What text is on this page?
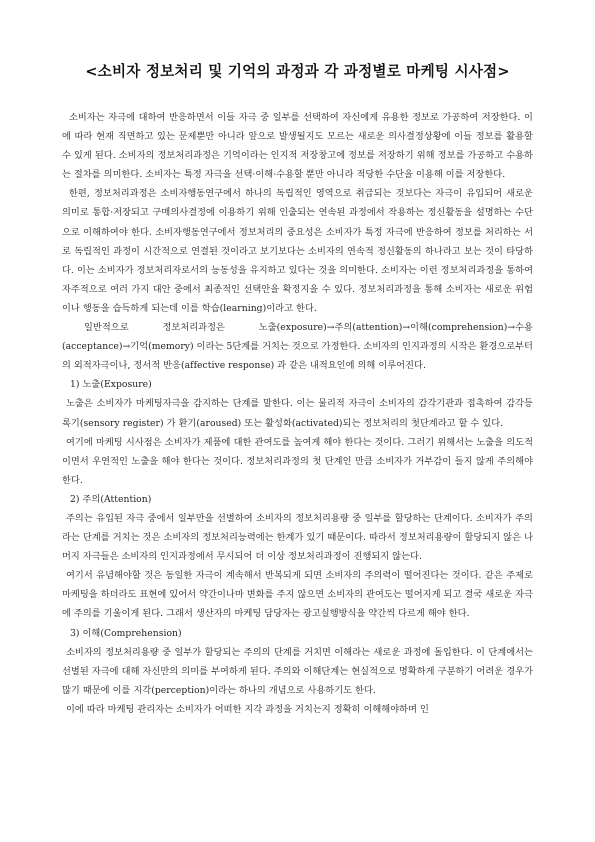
<소비자 정보처리 및 기억의 과정과 각 과정별로 마케팅 시사점>

소비자는 자극에 대하여 반응하면서 이들 자극 중 일부를 선택하여 자신에게 유용한 정보로 가공하여 저장한다. 이에 따라 현재 직면하고 있는 문제뿐만 아니라 앞으로 발생될지도 모르는 새로운 의사결정상황에 이들 정보를 활용할 수 있게 된다. 소비자의 정보처리과정은 기억이라는 인지적 저장창고에 정보를 저장하기 위해 정보를 가공하고 수용하는 절차를 의미한다. 소비자는 특정 자극을 선택·이해·수용할 뿐만 아니라 적당한 수단을 이용해 이를 저장한다.

한편, 정보처리과정은 소비자행동연구에서 하나의 독립적인 영역으로 취급되는 것보다는 자극이 유입되어 새로운 의미로 통합·저장되고 구매의사결정에 이용하기 위해 인출되는 연속된 과정에서 작용하는 정신활동을 설명하는 수단으로 이해하여야 한다. 소비자행동연구에서 정보처리의 중요성은 소비자가 특정 자극에 반응하여 정보를 처리하는 서로 독립적인 과정이 시간적으로 연결된 것이라고 보기보다는 소비자의 연속적 정신활동의 하나라고 보는 것이 타당하다. 이는 소비자가 정보처리자로서의 능동성을 유지하고 있다는 것을 의미한다. 소비자는 이런 정보처리과정을 통하여 자주적으로 여러 가지 대안 중에서 최종적인 선택안을 확정지을 수 있다. 정보처리과정을 통해 소비자는 새로운 위험이나 행동을 습득하게 되는데 이를 학습(learning)이라고 한다.

일반적으로 정보처리과정은 노출(exposure)→주의(attention)→이해(comprehension)→수용(acceptance)→기억(memory) 이라는 5단계를 거치는 것으로 가정한다. 소비자의 인지과정의 시작은 환경으로부터의 외적자극이나, 정서적 반응(affective response) 과 같은 내적요인에 의해 이루어진다.

1) 노출(Exposure)

노출은 소비자가 마케팅자극을 감지하는 단계를 말한다. 이는 물리적 자극이 소비자의 감각기관과 접촉하여 감각등록기(sensory register) 가 환기(aroused) 또는 활성화(activated)되는 정보처리의 첫단계라고 할 수 있다.

여기에 마케팅 시사점은 소비자가 제품에 대한 관여도를 높여게 해야 한다는 것이다. 그러기 위해서는 노출을 의도적이면서 우연적인 노출을 해야 한다는 것이다. 정보처리과정의 첫 단계인 만큼 소비자가 거부감이 들지 않게 주의해야 한다.

2) 주의(Attention)

주의는 유입된 자극 중에서 일부만을 선별하여 소비자의 정보처리용량 중 일부를 할당하는 단계이다. 소비자가 주의라는 단계를 거치는 것은 소비자의 정보처리능력에는 한계가 있기 때문이다. 따라서 정보처리용량이 할당되지 않은 나머지 자극들은 소비자의 인지과정에서 무시되어 더 이상 정보처리과정이 진행되지 않는다.

여기서 유념해야할 것은 동일한 자극이 계속해서 반복되게 되면 소비자의 주의력이 떨어진다는 것이다. 같은 주제로 마케팅을 하더라도 표현에 있어서 약간이나마 변화를 주지 않으면 소비자의 관여도는 떨어지게 되고 결국 새로운 자극에 주의를 기울이게 된다. 그래서 생산자의 마케팅 담당자는 광고실행방식을 약간씩 다르게 해야 한다.

3) 이해(Comprehension)

소비자의 정보처리용량 중 일부가 할당되는 주의의 단계를 거치면 이해라는 새로운 과정에 돌입한다. 이 단계에서는 선별된 자극에 대해 자신만의 의미를 부여하게 된다. 주의와 이해단계는 현실적으로 명확하게 구분하기 어려운 경우가 많기 때문에 이를 지각(perception)이라는 하나의 개념으로 사용하기도 한다.

이에 따라 마케팅 관리자는 소비자가 어떠한 지각 과정을 거치는지 정확히 이해해야하며 인
